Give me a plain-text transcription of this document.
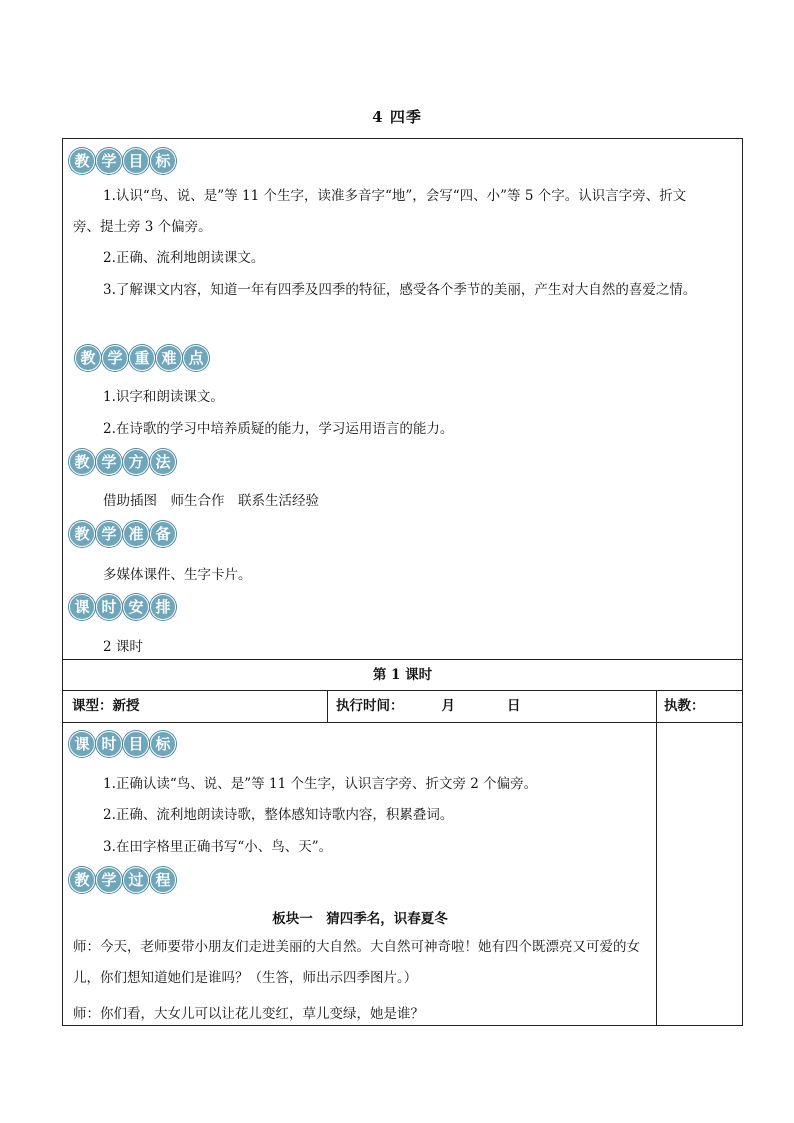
4 四季
教 学 目 标
1.认识“鸟、说、是”等 11 个生字，读准多音字“地”，会写“四、小”等 5 个字。认识言字旁、折文旁、提土旁 3 个偏旁。
2.正确、流利地朗读课文。
3.了解课文内容，知道一年有四季及四季的特征，感受各个季节的美丽，产生对大自然的喜爱之情。
教 学 重 难 点
1.识字和朗读课文。
2.在诗歌的学习中培养质疑的能力，学习运用语言的能力。
教 学 方 法
借助插图　师生合作　联系生活经验
教 学 准 备
多媒体课件、生字卡片。
课 时 安 排
2 课时
第 1 课时
课型：新授	执行时间：	月	日	执教：
课 时 目 标
1.正确认读“鸟、说、是”等 11 个生字，认识言字旁、折文旁 2 个偏旁。
2.正确、流利地朗读诗歌，整体感知诗歌内容，积累叠词。
3.在田字格里正确书写“小、鸟、天”。
教 学 过 程
板块一　猜四季名，识春夏冬
师：今天，老师要带小朋友们走进美丽的大自然。大自然可神奇啦！她有四个既漂亮又可爱的女儿，你们想知道她们是谁吗？（生答，师出示四季图片。）
师：你们看，大女儿可以让花儿变红，草儿变绿，她是谁？
